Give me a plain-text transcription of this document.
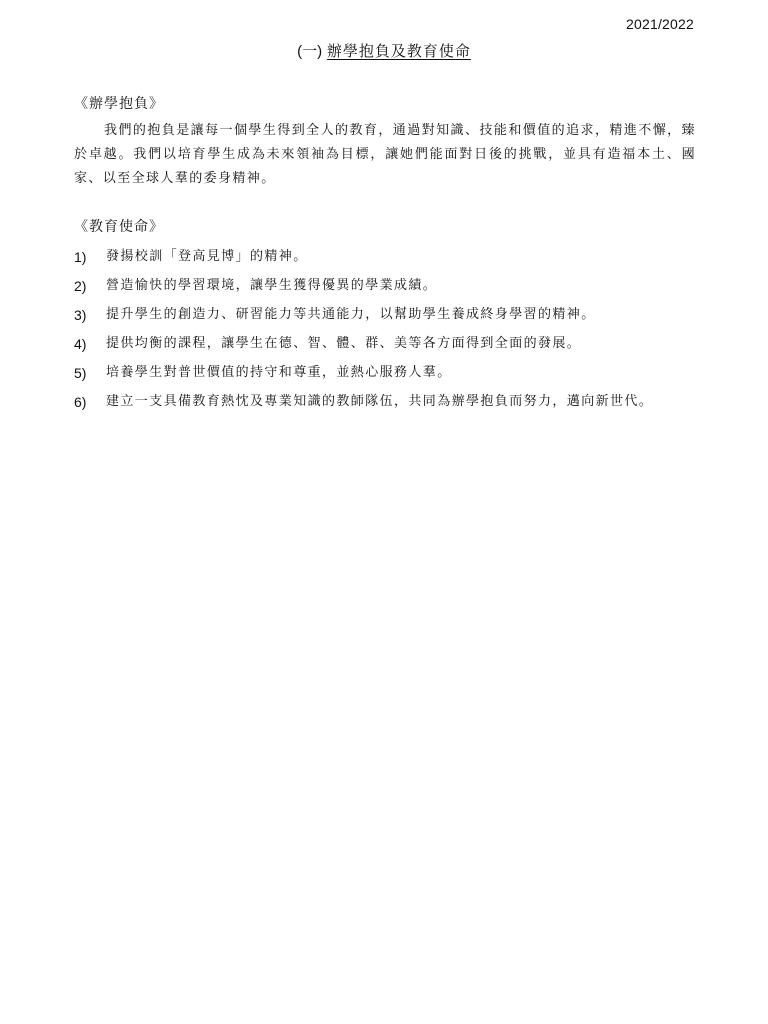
2021/2022
(一) 辦學抱負及教育使命
《辦學抱負》

我們的抱負是讓每一個學生得到全人的教育，通過對知識、技能和價值的追求，精進不懈，臻於卓越。我們以培育學生成為未來領袖為目標，讓她們能面對日後的挑戰，並具有造福本土、國家、以至全球人羣的委身精神。

《教育使命》
1) 發揚校訓「登高見博」的精神。
2) 營造愉快的學習環境，讓學生獲得優異的學業成績。
3) 提升學生的創造力、研習能力等共通能力，以幫助學生養成終身學習的精神。
4) 提供均衡的課程，讓學生在德、智、體、群、美等各方面得到全面的發展。
5) 培養學生對普世價值的持守和尊重，並熱心服務人羣。
6) 建立一支具備教育熱忱及專業知識的教師隊伍，共同為辦學抱負而努力，邁向新世代。
